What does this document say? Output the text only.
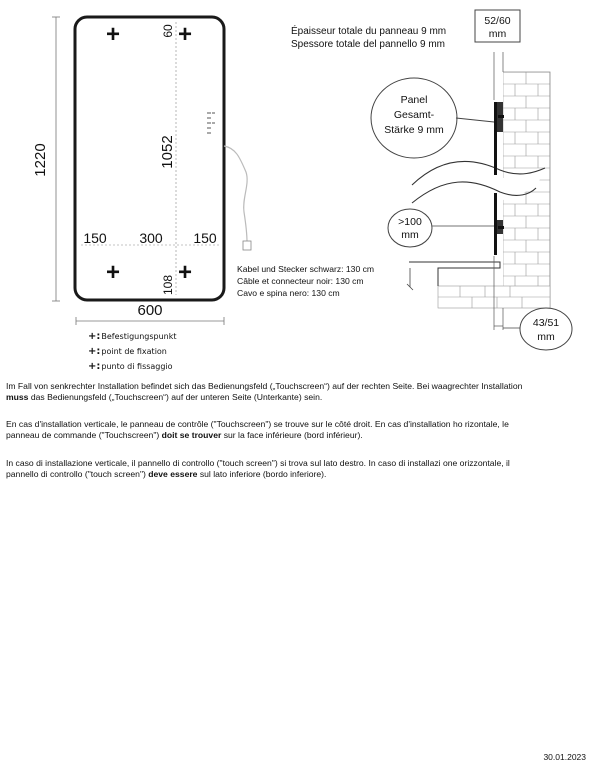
1220
+ +
+ +
60
1052
108
150 300 150
600
Épaisseur totale du panneau 9 mm
Spessore totale del pannello 9 mm
52/60
mm
Panel
Gesamt-
Stärke 9 mm
>100
mm
43/51
mm
Kabel und Stecker schwarz: 130 cm
Câble et connecteur noir: 130 cm
Cavo e spina nero: 130 cm
+:Befestigungspunkt
+:point de fixation
+:punto di fissaggio
Im Fall von senkrechter Installation befindet sich das Bedienungsfeld („Touchscreen“) auf der rechten Seite. Bei waagrechter Installation
muss das Bedienungsfeld („Touchscreen“) auf der unteren Seite (Unterkante) sein.
En cas d'installation verticale, le panneau de contrôle ("Touchscreen") se trouve sur le côté droit. En cas d'installation ho rizontale, le
panneau de commande ("Touchscreen") doit se trouver sur la face inférieure (bord inférieur).
In caso di installazione verticale, il pannello di controllo ("touch screen") si trova sul lato destro. In caso di installazi one orizzontale, il
pannello di controllo ("touch screen") deve essere sul lato inferiore (bordo inferiore).
30.01.2023
